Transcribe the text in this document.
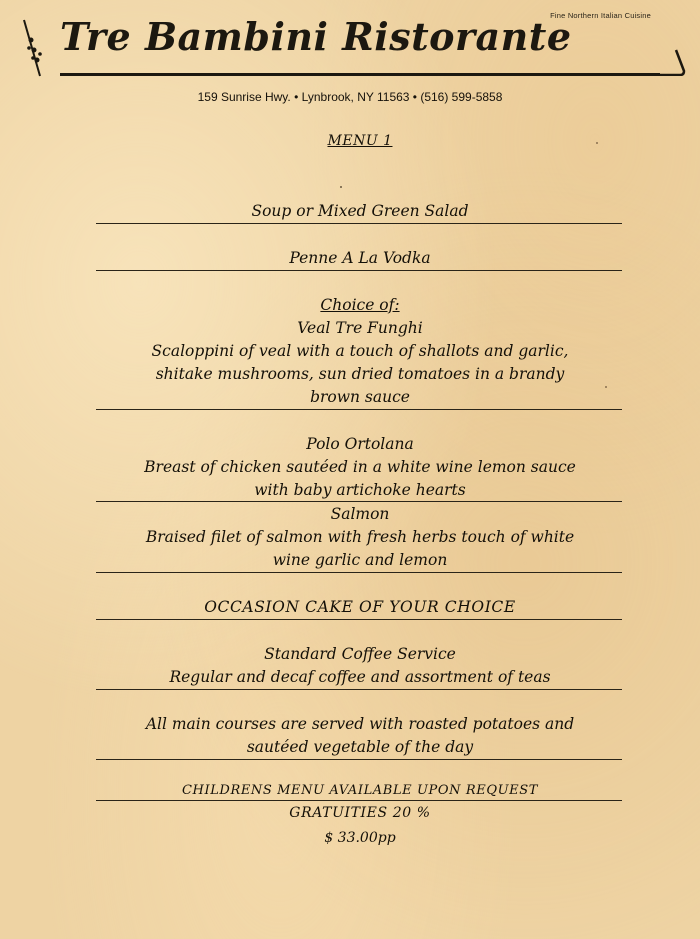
Fine Northern Italian Cuisine
Tre Bambini Ristorante
159 Sunrise Hwy. • Lynbrook, NY 11563 • (516) 599-5858
MENU 1
Soup or Mixed Green Salad
Penne A La Vodka
Choice of:
Veal Tre Funghi
Scaloppini of veal with a touch of shallots and garlic,
shitake mushrooms, sun dried tomatoes in a brandy
brown sauce
Polo Ortolana
Breast of chicken sautéed in a white wine lemon sauce
with baby artichoke hearts
Salmon
Braised filet of salmon with fresh herbs touch of white
wine garlic and lemon
OCCASION CAKE OF YOUR CHOICE
Standard Coffee Service
Regular and decaf coffee and assortment of teas
All main courses are served with roasted potatoes and
sautéed vegetable of the day
CHILDRENS MENU AVAILABLE UPON REQUEST
GRATUITIES 20 %
$ 33.00pp
